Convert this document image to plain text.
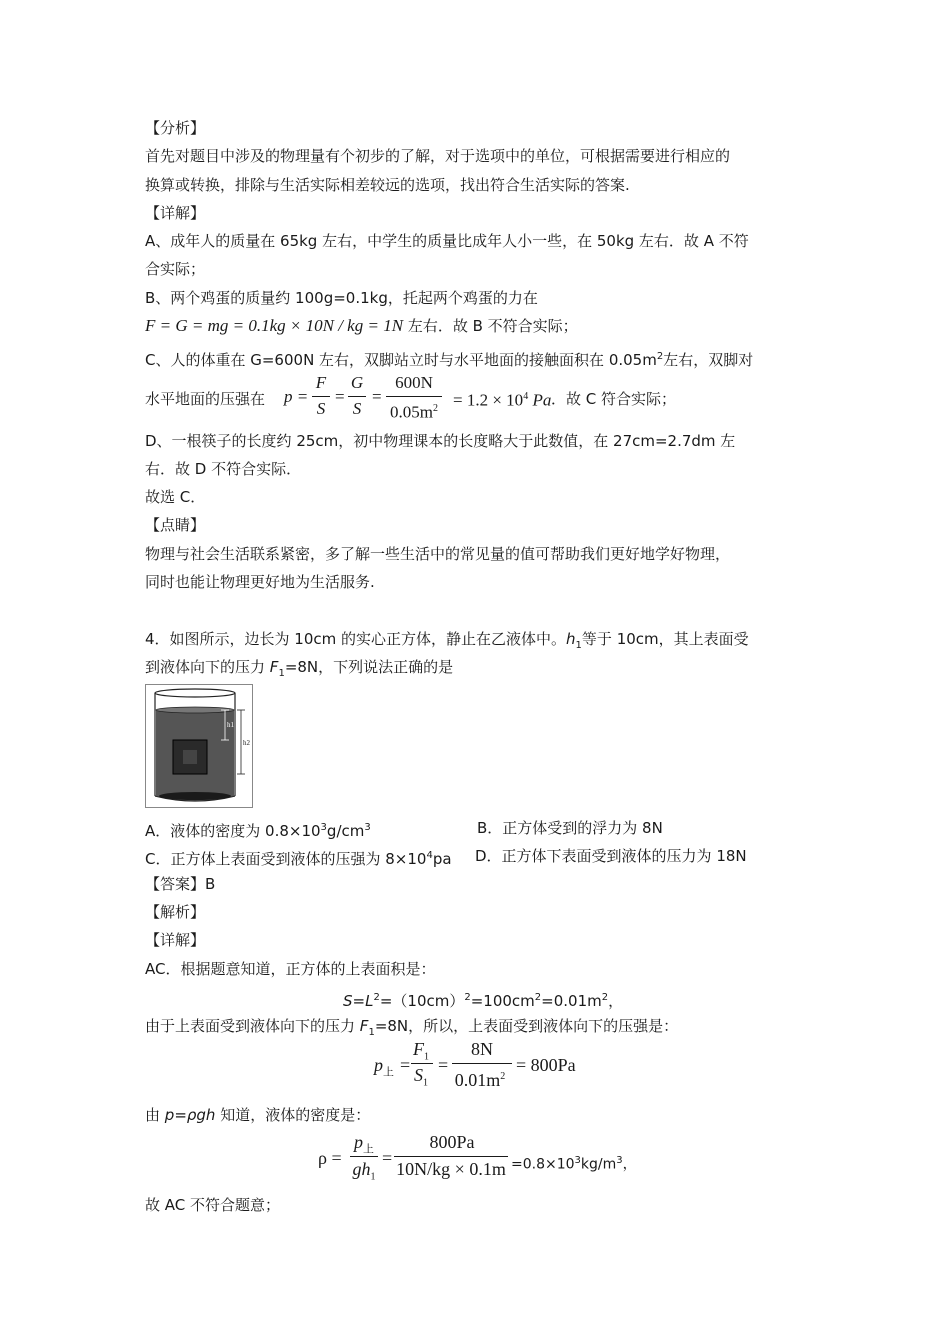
【分析】
首先对题目中涉及的物理量有个初步的了解，对于选项中的单位，可根据需要进行相应的
换算或转换，排除与生活实际相差较远的选项，找出符合生活实际的答案.
【详解】
A、成年人的质量在 65kg 左右，中学生的质量比成年人小一些，在 50kg 左右．故 A 不符
合实际；
B、两个鸡蛋的质量约 100g=0.1kg，托起两个鸡蛋的力在
F = G = mg = 0.1kg × 10N / kg = 1N 左右．故 B 不符合实际；
C、人的体重在 G=600N 左右，双脚站立时与水平地面的接触面积在 $0.05m^2$左右，双脚对
水平地面的压强在 p =
F
S
=
G
S
=
600N
$0.05m^2 = 1.2 \times 10^4$ Pa ．故 C 符合实际；
D、一根筷子的长度约 25cm，初中物理课本的长度略大于此数值，在 27cm=2.7dm 左
右．故 D 不符合实际．
故选 C．
【点睛】
物理与社会生活联系紧密，多了解一些生活中的常见量的值可帮助我们更好地学好物理，
同时也能让物理更好地为生活服务.
4．如图所示，边长为 10cm 的实心正方体，静止在乙液体中。$h_1$等于 10cm，其上表面受
到液体向下的压力 $F_1=8N$，下列说法正确的是
h1
h2
A．液体的密度为 $0.8\times 10^3g/cm^3$	B．正方体受到的浮力为 8N
C．正方体上表面受到液体的压强为 $8\times 10^4pa$ D．正方体下表面受到液体的压力为 18N
【答案】B
【解析】
【详解】
AC．根据题意知道，正方体的上表面积是：
$S=L^2=(10cm)^2=100cm^2=0.01m^2$，
由于上表面受到液体向下的压力 $F_1=8N$，所以，上表面受到液体向下的压强是：
$p_上$ =
$F_1$
$S_1$
=
8N
$0.01m^2$
= 800Pa
由 p=ρgh 知道，液体的密度是：
ρ =
$p_上$
$gh_1$
=
800Pa
$10N/kg \times 0.1m =0.8\times 10^3kg/m^3$，
故 AC 不符合题意；
